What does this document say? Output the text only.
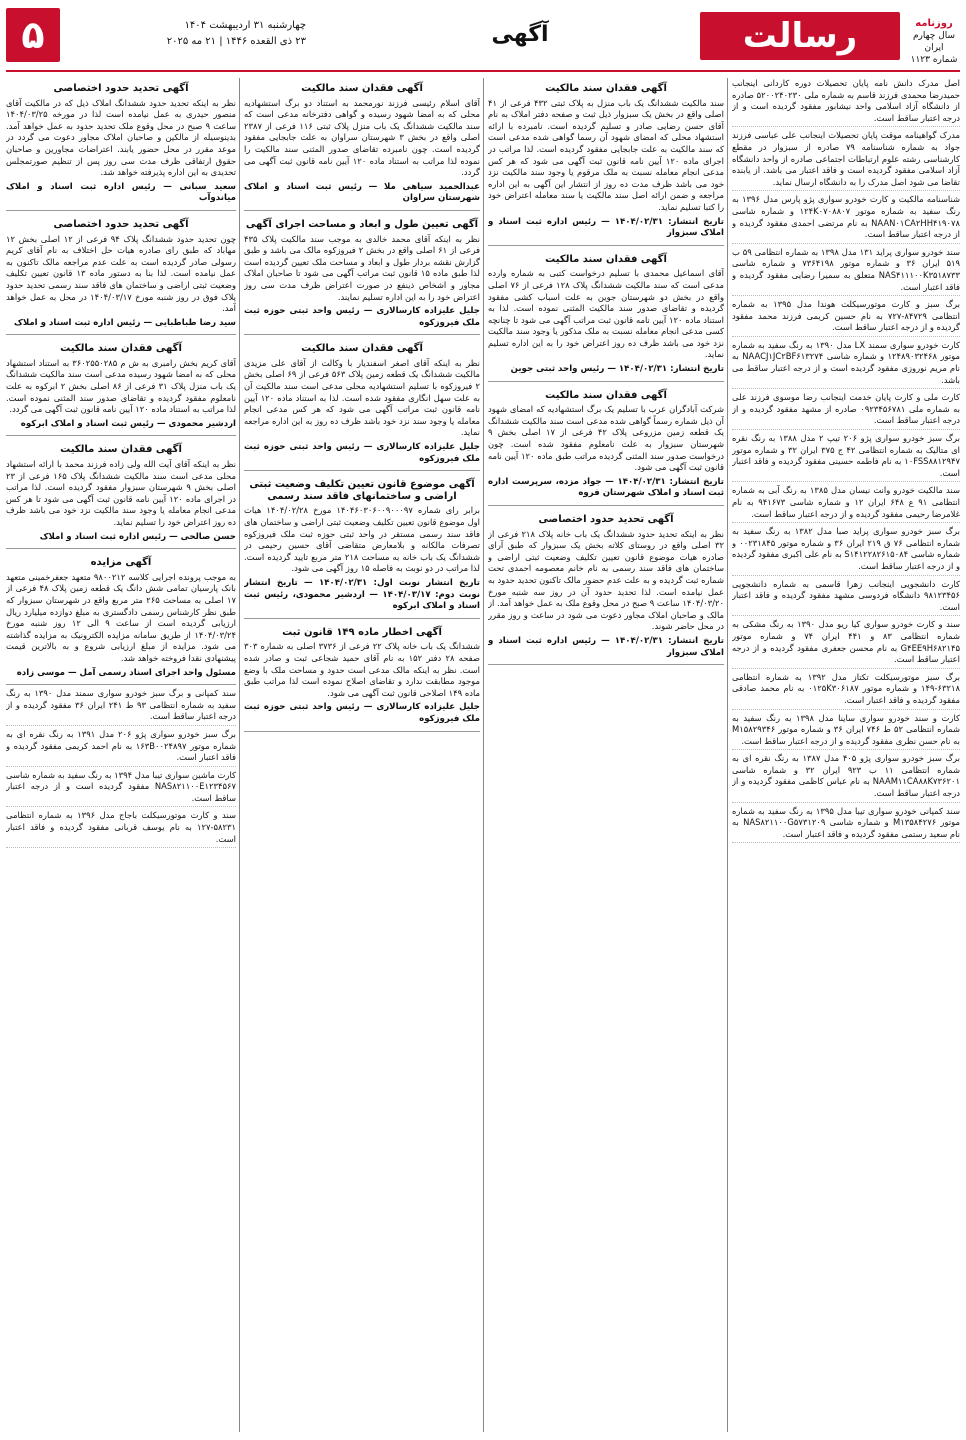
روزنامه
سال چهارم
ایران
شماره ۱۱۲۳
رسالت
آگهی
چهارشنبه ۳۱ اردیبهشت ۱۴۰۴
۲۳ ذی القعده ۱۴۴۶ | ۲۱ مه ۲۰۲۵
۵
اصل مدرک دانش نامه پایان تحصیلات دوره کاردانی اینجانب حمیدرضا محمدی فرزند قاسم به شماره ملی ۵۲۰۰۲۴۰۲۳۰ صادره از دانشگاه آزاد اسلامی واحد نیشابور مفقود گردیده است و از درجه اعتبار ساقط است.
مدرک گواهینامه موقت پایان تحصیلات اینجانب علی عباسی فرزند جواد به شماره شناسنامه ۷۹ صادره از سبزوار در مقطع کارشناسی رشته علوم ارتباطات اجتماعی صادره از واحد دانشگاه آزاد اسلامی مفقود گردیده است و فاقد اعتبار می باشد. از یابنده تقاضا می شود اصل مدرک را به دانشگاه ارسال نماید.
شناسنامه مالکیت و کارت خودرو سواری پژو پارس مدل ۱۳۹۶ به رنگ سفید به شماره موتور ۱۲۴K۰۷۰۸۸۰۷ و شماره شاسی NAAN۰۱CA۲HH۴۱۹۰۷۸ به نام مرتضی احمدی مفقود گردیده و از درجه اعتبار ساقط است.
سند خودرو سواری پراید ۱۳۱ مدل ۱۳۹۸ به شماره انتظامی ۵۹ ب ۵۱۹ ایران ۳۶ و شماره موتور ۷۳۶۴۱۹۸ و شماره شاسی NAS۴۱۱۱۰۰K۳۵۱۸۷۳۳ متعلق به سمیرا رضایی مفقود گردیده و فاقد اعتبار است.
برگ سبز و کارت موتورسیکلت هوندا مدل ۱۳۹۵ به شماره انتظامی ۸۴۷۲۹-۷۲۷ به نام حسین کریمی فرزند محمد مفقود گردیده و از درجه اعتبار ساقط است.
کارت خودرو سواری سمند LX مدل ۱۳۹۰ به رنگ سفید به شماره موتور ۱۲۴۸۹۰۳۲۴۶۸ و شماره شاسی NAACJ۱JC۲BF۶۱۳۲۷۴ به نام مریم نوروزی مفقود گردیده است و از درجه اعتبار ساقط می باشد.
کارت ملی و کارت پایان خدمت اینجانب رضا موسوی فرزند علی به شماره ملی ۰۹۲۳۴۵۶۷۸۱ صادره از مشهد مفقود گردیده و از درجه اعتبار ساقط است.
برگ سبز خودرو سواری پژو ۲۰۶ تیپ ۲ مدل ۱۳۸۸ به رنگ نقره ای متالیک به شماره انتظامی ۴۲ ج ۳۷۵ ایران ۳۲ و شماره موتور ۱۰FSS۸۸۱۲۹۴۷ به نام فاطمه حسینی مفقود گردیده و فاقد اعتبار است.
سند مالکیت خودرو وانت نیسان مدل ۱۳۸۵ به رنگ آبی به شماره انتظامی ۹۱ ع ۶۴۸ ایران ۱۲ و شماره شاسی ۹۴۱۶۷۳ به نام غلامرضا رحیمی مفقود گردیده و از درجه اعتبار ساقط است.
برگ سبز خودرو سواری پراید صبا مدل ۱۳۸۲ به رنگ سفید به شماره انتظامی ۷۶ ق ۲۱۹ ایران ۳۶ و شماره موتور ۰۰۲۳۱۸۴۵ و شماره شاسی S۱۴۱۲۲۸۲۶۱۵۰۸۴ به نام علی اکبری مفقود گردیده و از درجه اعتبار ساقط است.
کارت دانشجویی اینجانب زهرا قاسمی به شماره دانشجویی ۹۸۱۲۳۴۵۶ دانشگاه فردوسی مشهد مفقود گردیده و فاقد اعتبار است.
سند و کارت خودرو سواری کیا ریو مدل ۱۳۹۰ به رنگ مشکی به شماره انتظامی ۸۳ و ۴۴۱ ایران ۷۴ و شماره موتور G۴EE۹H۶۸۲۱۴۵ به نام محسن جعفری مفقود گردیده و از درجه اعتبار ساقط است.
برگ سبز موتورسیکلت تکتاز مدل ۱۳۹۲ به شماره انتظامی ۶۳۲۱۸-۱۴۹ و شماره موتور ۰۱۲۵K۳۰۶۱۸۷ به نام محمد صادقی مفقود گردیده و فاقد اعتبار است.
کارت و سند خودرو سواری ساینا مدل ۱۳۹۸ به رنگ سفید به شماره انتظامی ۵۲ ط ۷۴۶ ایران ۳۶ و شماره موتور M۱۵۸۲۹۳۴۶ به نام حسن نظری مفقود گردیده و از درجه اعتبار ساقط است.
برگ سبز خودرو سواری پژو ۴۰۵ مدل ۱۳۸۷ به رنگ نقره ای به شماره انتظامی ۱۱ ب ۹۲۳ ایران ۳۲ و شماره شاسی NAAM۱۱CA۸۸K۷۳۶۲۰۱ به نام عباس کاظمی مفقود گردیده و از درجه اعتبار ساقط است.
سند کمپانی خودرو سواری تیبا مدل ۱۳۹۵ به رنگ سفید به شماره موتور M۱۳۵۸۴۲۷۶ و شماره شاسی NAS۸۲۱۱۰۰G۵۷۳۱۲۰۹ به نام سعید رستمی مفقود گردیده و فاقد اعتبار است.
آگهی فقدان سند مالکیت

سند مالکیت ششدانگ یک باب منزل به پلاک ثبتی ۴۳۲ فرعی از ۴۱ اصلی واقع در بخش یک سبزوار ذیل ثبت و صفحه دفتر املاک به نام آقای حسن رضایی صادر و تسلیم گردیده است. نامبرده با ارائه استشهاد محلی که امضای شهود آن رسما گواهی شده مدعی است که سند مالکیت به علت جابجایی مفقود گردیده است. لذا مراتب در اجرای ماده ۱۲۰ آیین نامه قانون ثبت آگهی می شود که هر کس مدعی انجام معامله نسبت به ملک مرقوم یا وجود سند مالکیت نزد خود می باشد ظرف مدت ده روز از انتشار این آگهی به این اداره مراجعه و ضمن ارائه اصل سند مالکیت یا سند معامله اعتراض خود را کتبا تسلیم نماید.

تاریخ انتشار: ۱۴۰۴/۰۲/۳۱ — رئیس اداره ثبت اسناد و املاک سبزوار
آگهی فقدان سند مالکیت

آقای اسماعیل محمدی با تسلیم درخواست کتبی به شماره وارده مدعی است که سند مالکیت ششدانگ پلاک ۱۲۸ فرعی از ۷۶ اصلی واقع در بخش دو شهرستان جوین به علت اسباب کشی مفقود گردیده و تقاضای صدور سند مالکیت المثنی نموده است. لذا به استناد ماده ۱۲۰ آیین نامه قانون ثبت مراتب آگهی می شود تا چنانچه کسی مدعی انجام معامله نسبت به ملک مذکور یا وجود سند مالکیت نزد خود می باشد ظرف ده روز اعتراض خود را به این اداره تسلیم نماید.

تاریخ انتشار: ۱۴۰۴/۰۲/۳۱ — رئیس واحد ثبتی جوین
آگهی فقدان سند مالکیت

شرکت آبادگران عرب با تسلیم یک برگ استشهادیه که امضای شهود آن ذیل شماره رسماً گواهی شده مدعی است سند مالکیت ششدانگ یک قطعه زمین مزروعی پلاک ۴۲ فرعی از ۱۷ اصلی بخش ۹ شهرستان سبزوار به علت نامعلوم مفقود شده است. چون درخواست صدور سند المثنی گردیده مراتب طبق ماده ۱۲۰ آیین نامه قانون ثبت آگهی می شود.

تاریخ انتشار: ۱۴۰۴/۰۲/۳۱ — جواد مزده، سرپرست اداره ثبت اسناد و املاک شهرستان فروه
آگهی تحدید حدود اختصاصی

نظر به اینکه تحدید حدود ششدانگ یک باب خانه پلاک ۲۱۸ فرعی از ۳۲ اصلی واقع در روستای کلاته بخش یک سبزوار که طبق آرای صادره هیات موضوع قانون تعیین تکلیف وضعیت ثبتی اراضی و ساختمان های فاقد سند رسمی به نام خانم معصومه احمدی تحت شماره ثبت گردیده و به علت عدم حضور مالک تاکنون تحدید حدود به عمل نیامده است. لذا تحدید حدود آن در روز سه شنبه مورخ ۱۴۰۴/۰۳/۲۰ ساعت ۹ صبح در محل وقوع ملک به عمل خواهد آمد. از مالک و صاحبان املاک مجاور دعوت می شود در ساعت و روز مقرر در محل حاضر شوند.

تاریخ انتشار: ۱۴۰۴/۰۲/۳۱ — رئیس اداره ثبت اسناد و املاک سبزوار
آگهی فقدان سند مالکیت

آقای اسلام رئیسی فرزند نورمحمد به استناد دو برگ استشهادیه محلی که به امضا شهود رسیده و گواهی دفترخانه مدعی است که سند مالکیت ششدانگ یک باب منزل پلاک ثبتی ۱۱۶ فرعی از ۲۳۸۷ اصلی واقع در بخش ۳ شهرستان سراوان به علت جابجایی مفقود گردیده است. چون نامبرده تقاضای صدور المثنی سند مالکیت را نموده لذا مراتب به استناد ماده ۱۲۰ آیین نامه قانون ثبت آگهی می گردد.

عبدالحمید سیاهی ملا — رئیس ثبت اسناد و املاک شهرستان سراوان
آگهی تعیین طول و ابعاد و مساحت اجرای آگهی

نظر به اینکه آقای محمد خالدی به موجب سند مالکیت پلاک ۴۳۵ فرعی از ۶۱ اصلی واقع در بخش ۲ فیروزکوه مالک می باشد و طبق گزارش نقشه بردار طول و ابعاد و مساحت ملک تعیین گردیده است لذا طبق ماده ۱۵ قانون ثبت مراتب آگهی می شود تا صاحبان املاک مجاور و اشخاص ذینفع در صورت اعتراض ظرف مدت سی روز اعتراض خود را به این اداره تسلیم نمایند.

جلیل علیزاده کارسالاری — رئیس واحد ثبتی حوزه ثبت ملک فیروزکوه
آگهی فقدان سند مالکیت

نظر به اینکه آقای اصغر اسفندیار با وکالت از آقای علی مزیدی مالکیت ششدانگ یک قطعه زمین پلاک ۵۶۳ فرعی از ۶۹ اصلی بخش ۲ فیروزکوه با تسلیم استشهادیه محلی مدعی است سند مالکیت آن به علت سهل انگاری مفقود شده است. لذا به استناد ماده ۱۲۰ آیین نامه قانون ثبت مراتب آگهی می شود که هر کس مدعی انجام معامله یا وجود سند نزد خود باشد ظرف ده روز به این اداره مراجعه نماید.

جلیل علیزاده کارسالاری — رئیس واحد ثبتی حوزه ثبت ملک فیروزکوه
آگهی موضوع قانون تعیین تکلیف وضعیت ثبتی اراضی و ساختمانهای فاقد سند رسمی

برابر رای شماره ۱۴۰۴۶۰۳۰۶۰۰۹۰۰۰۹۷ مورخ ۱۴۰۴/۰۲/۲۸ هیات اول موضوع قانون تعیین تکلیف وضعیت ثبتی اراضی و ساختمان های فاقد سند رسمی مستقر در واحد ثبتی حوزه ثبت ملک فیروزکوه تصرفات مالکانه و بلامعارض متقاضی آقای حسین رحیمی در ششدانگ یک باب خانه به مساحت ۲۱۸ متر مربع تایید گردیده است. لذا مراتب در دو نوبت به فاصله ۱۵ روز آگهی می شود.

تاریخ انتشار نوبت اول: ۱۴۰۴/۰۲/۳۱ — تاریخ انتشار نوبت دوم: ۱۴۰۴/۰۳/۱۷ — اردشیر محمودی، رئیس ثبت اسناد و املاک ابرکوه
آگهی اخطار ماده ۱۴۹ قانون ثبت

ششدانگ یک باب خانه پلاک ۲۲ فرعی از ۳۷۳۶ اصلی به شماره ۳۰۳ صفحه ۲۸ دفتر ۱۵۲ به نام آقای حمید شجاعی ثبت و صادر شده است. نظر به اینکه مالک مدعی است حدود و مساحت ملک با وضع موجود مطابقت ندارد و تقاضای اصلاح نموده است لذا مراتب طبق ماده ۱۴۹ اصلاحی قانون ثبت آگهی می شود.

جلیل علیزاده کارسالاری — رئیس واحد ثبتی حوزه ثبت ملک فیروزکوه
آگهی تحدید حدود اختصاصی

نظر به اینکه تحدید حدود ششدانگ املاک ذیل که در مالکیت آقای منصور حیدری به عمل نیامده است لذا در مورخه ۱۴۰۴/۰۳/۲۵ ساعت ۹ صبح در محل وقوع ملک تحدید حدود به عمل خواهد آمد. بدینوسیله از مالکین و صاحبان املاک مجاور دعوت می گردد در موعد مقرر در محل حضور یابند. اعتراضات مجاورین و صاحبان حقوق ارتفاقی ظرف مدت سی روز پس از تنظیم صورتمجلس تحدیدی به این اداره پذیرفته خواهد شد.

سعید سبانی — رئیس اداره ثبت اسناد و املاک میاندوآب
آگهی تحدید حدود اختصاصی

چون تحدید حدود ششدانگ پلاک ۹۴ فرعی از ۱۲ اصلی بخش ۱۲ مهاباد که طبق رای صادره هیات حل اختلاف به نام آقای کریم رسولی صادر گردیده است به علت عدم مراجعه مالک تاکنون به عمل نیامده است. لذا بنا به دستور ماده ۱۳ قانون تعیین تکلیف وضعیت ثبتی اراضی و ساختمان های فاقد سند رسمی تحدید حدود پلاک فوق در روز شنبه مورخ ۱۴۰۴/۰۳/۱۷ در محل به عمل خواهد آمد.

سید رضا طباطبایی — رئیس اداره ثبت اسناد و املاک
آگهی فقدان سند مالکیت

آقای کریم بخش رامبری به ش م ۳۶۰۲۵۵۰۲۸۵ به استناد استشهاد محلی که به امضا شهود رسیده مدعی است سند مالکیت ششدانگ یک باب منزل پلاک ۳۱ فرعی از ۸۶ اصلی بخش ۲ ابرکوه به علت نامعلوم مفقود گردیده و تقاضای صدور سند المثنی نموده است. لذا مراتب به استناد ماده ۱۲۰ آیین نامه قانون ثبت آگهی می گردد.

اردشیر محمودی — رئیس ثبت اسناد و املاک ابرکوه
آگهی فقدان سند مالکیت

نظر به اینکه آقای آیت الله ولی زاده فرزند محمد با ارائه استشهاد محلی مدعی است سند مالکیت ششدانگ پلاک ۱۶۵ فرعی از ۲۳ اصلی بخش ۹ شهرستان سبزوار مفقود گردیده است. لذا مراتب در اجرای ماده ۱۲۰ آیین نامه قانون ثبت آگهی می شود تا هر کس مدعی انجام معامله یا وجود سند مالکیت نزد خود می باشد ظرف ده روز اعتراض خود را تسلیم نماید.

حسن صالحی — رئیس اداره ثبت اسناد و املاک
آگهی مزایده

به موجب پرونده اجرایی کلاسه ۹۸۰۰۲۱۲ متعهد جعفرخمینی متعهد بانک پارسیان تمامی شش دانگ یک قطعه زمین پلاک ۴۸ فرعی از ۱۷ اصلی به مساحت ۲۶۵ متر مربع واقع در شهرستان سبزوار که طبق نظر کارشناس رسمی دادگستری به مبلغ دوازده میلیارد ریال ارزیابی گردیده است از ساعت ۹ الی ۱۲ روز شنبه مورخ ۱۴۰۴/۰۳/۲۴ از طریق سامانه مزایده الکترونیک به مزایده گذاشته می شود. مزایده از مبلغ ارزیابی شروع و به بالاترین قیمت پیشنهادی نقدا فروخته خواهد شد.

مسئول واحد اجرای اسناد رسمی آمل — موسی زاده
سند کمپانی و برگ سبز خودرو سواری سمند مدل ۱۳۹۰ به رنگ سفید به شماره انتظامی ۹۳ ط ۲۴۱ ایران ۳۶ مفقود گردیده و از درجه اعتبار ساقط است.
برگ سبز خودرو سواری پژو ۲۰۶ مدل ۱۳۹۱ به رنگ نقره ای به شماره موتور ۱۶۳B۰۰۲۴۸۹۷ به نام احمد کریمی مفقود گردیده و فاقد اعتبار است.
کارت ماشین سواری تیبا مدل ۱۳۹۴ به رنگ سفید به شماره شاسی NAS۸۲۱۱۰۰E۱۲۳۴۵۶۷ مفقود گردیده است و از درجه اعتبار ساقط است.
سند و کارت موتورسیکلت باجاج مدل ۱۳۹۶ به شماره انتظامی ۵۸۲۳۱-۱۲۷ به نام یوسف قربانی مفقود گردیده و فاقد اعتبار است.
